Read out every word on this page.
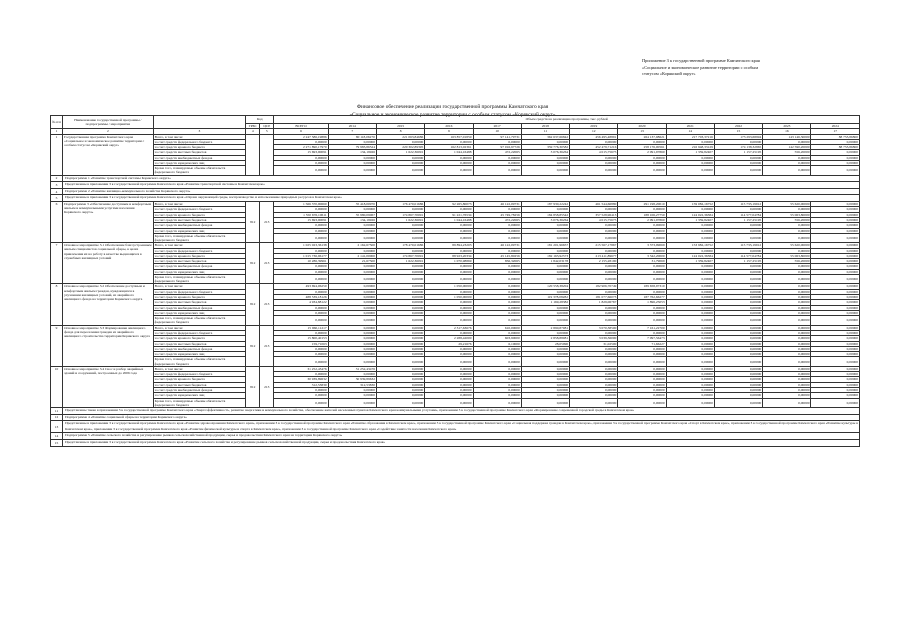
Приложение 3 к государственной программе Камчатского края
«Социальное и экономическое развитие территории с особым
статусом «Корякский округ»
Финансовое обеспечение реализации государственной программы Камчатского края
«Социальное и экономическое развитие территории с особым статусом «Корякский округ»
№ п/п	Наименование государственной программы / подпрограммы / мероприятия		Код		Объем средств на реализацию программы, тыс. рублей											
			ГРБС	ЦСР	ВСЕГО	2014	2015	2016	2017	2018	2019	2020	2021	2022	2023	2024
1	2	3	4	5	6	7	8	9	10	11	12	13	14	15	16	17
1	Государственная программа Камчатского края «Социальное и экономическое развитие территории с особым статусом «Корякский округ»	Всего, в том числе:			2 247 586,19886	80 118,06270	221 063,84686	163 857,01859	97 141,79731	362 637,66842	456 495,48891	264 137,98621	217 703,37216	173 293,68994	143 146,30000	88 753,86800
		за счет средств федерального бюджета			0,00000	0,00000	0,00000	0,00000	0,00000	0,00000	0,00000	0,00000	0,00000	0,00000	0,00000	0,00000
		за счет средств краевого бюджета			2 271 890,17970	79 983,86524	220 302,89395	162 813,02361	97 016,97726	359 776,30582	452 479,71216	258 176,00561	216 948,33129	174 138,32865	142 590,20000	88 753,86800
		за счет средств местных бюджетов			15 693,90091	134,19926	1 622,36091	1 044,16488	472,22065	3 076,36264	4 015,75675	2 091,97860	1 359,82407	1 157,25195	556,20000	0,00000
		за счет средств внебюджетных фондов			0,00000	0,00000	0,00000	0,00000	0,00000	0,00000	0,00000	0,00000	0,00000	0,00000	0,00000	0,00000
		за счет средств юридических лиц			0,00000	0,00000	0,00000	0,00000	0,00000	0,00000	0,00000	0,00000	0,00000	0,00000	0,00000	0,00000
		Кроме того, планируемые объемы обязательств федерального бюджета			0,00000	0,00000	0,00000	0,00000	0,00000	0,00000	0,00000	0,00000	0,00000	0,00000	0,00000	0,00000
2	Подпрограмма 1 «Развитие транспортной системы Корякского округа»															
3	Представлены в приложении 3 к государственной программе Камчатского края «Развитие транспортной системы в Камчатском крае»															
4	Подпрограмма 2 «Развитие жилищно-коммунального хозяйства Корякского округа»															
5	Представлены в приложении 3 к государственной программе Камчатского края «Охрана окружающей среды, воспроизводство и использование природных ресурсов в Камчатском крае»															
6	Подпрограмма 3 «Обеспечение доступным и комфортным жильем и коммунальными услугами населения Корякского округа»	Всего, в том числе:	812	213	1 566 370,90660	35 418,00970	176 470,01686	92 265,80073	46 122,09731	187 930,22242	461 544,66880	291 198,20010	159 082,16752	115 733,19912	55 620,00000	0,00000
		за счет средств федерального бюджета			0,00000	0,00000	0,00000	0,00000	0,00000	0,00000	0,00000	0,00000	0,00000	0,00000	0,00000	0,00000
		за счет средств краевого бюджета			1 550 676,10611	35 980,09067	174 867,70091	91 221,76534	45 749,78256	184 858,85542	357 528,96413	188 106,27750	124 022,36384	114 577,04784	55 063,80000	0,00000
		за счет средств местных бюджетов			15 693,90091	134,19926	1 622,36091	1 044,16488	472,22065	3 076,36264	4 015,75675	2 091,97860	1 359,82407	1 157,25195	556,20000	0,00000
		за счет средств внебюджетных фондов			0,00000	0,00000	0,00000	0,00000	0,00000	0,00000	0,00000	0,00000	0,00000	0,00000	0,00000	0,00000
		за счет средств юридических лиц			0,00000	0,00000	0,00000	0,00000	0,00000	0,00000	0,00000	0,00000	0,00000	0,00000	0,00000	0,00000
		Кроме того, планируемые объемы обязательств федерального бюджета			0,00000	0,00000	0,00000	0,00000	0,00000	0,00000	0,00000	0,00000	0,00000	0,00000	0,00000	0,00000
7	Основное мероприятие 3.1 Обеспечение благоустроенным жильем специалистов социальной сферы, в целях привлечения их на работу в качестве выдающихся в служебных жилищных условий	Всего, в том числе:	812	213	1 025 023,36138	2 162,67500	178 470,01686	89 894,23203	46 122,09731	181 201,96657	215 567,17867	3 373,99069	153 982,16752	115 733,19912	55 620,00000	0,00000
		за счет средств федерального бюджета			0,00000	0,00000	0,00000	0,00000	0,00000	0,00000	0,00000	0,00000	0,00000	0,00000	0,00000	0,00000
		за счет средств краевого бюджета			1 015 736,96177	2 141,00000	174 867,70091	88 923,20334	45 145,80256	182 163,92573	213 411,89677	3 342,20000	124 022,36384	114 577,04784	55 063,80000	0,00000
		за счет средств местных бюджетов			10 286,39961	21,67500	1 622,36091	1 070,98869	856,32065	1 842,03178	2 155,28190	31,79069	1 359,82407	1 157,25195	556,20000	0,00000
		за счет средств внебюджетных фондов			0,00000	0,00000	0,00000	0,00000	0,00000	0,00000	0,00000	0,00000	0,00000	0,00000	0,00000	0,00000
		за счет средств юридических лиц			0,00000	0,00000	0,00000	0,00000	0,00000	0,00000	0,00000	0,00000	0,00000	0,00000	0,00000	0,00000
		Кроме того, планируемые объемы обязательств федерального бюджета			0,00000	0,00000	0,00000	0,00000	0,00000	0,00000	0,00000	0,00000	0,00000	0,00000	0,00000	0,00000
8	Основное мероприятие 3.2 Обеспечение доступным и комфортным жильем граждан, нуждающихся в улучшении жилищных условий, из аварийного жилищного фонда на территории Корякского округа	Всего, в том числе:	812	213	493 694,06250	0,00000	0,00000	1 050,00000	0,00000	120 558,38204	182 906,70749	189 658,97310	0,00000	0,00000	0,00000	0,00000
		за счет средств федерального бюджета			0,00000	0,00000	0,00000	0,00000	0,00000	0,00000	0,00000	0,00000	0,00000	0,00000	0,00000	0,00000
		за счет средств краевого бюджета			488 539,18126	0,00000	0,00000	1 050,00000	0,00000	119 378,08282	181 077,66073	187 762,66277	0,00000	0,00000	0,00000	0,00000
		за счет средств местных бюджетов			4 934,88122	0,00000	0,00000	0,00000	0,00000	1 169,28382	1 829,06767	1 896,25053	0,00000	0,00000	0,00000	0,00000
		за счет средств внебюджетных фондов			0,00000	0,00000	0,00000	0,00000	0,00000	0,00000	0,00000	0,00000	0,00000	0,00000	0,00000	0,00000
		за счет средств юридических лиц			0,00000	0,00000	0,00000	0,00000	0,00000	0,00000	0,00000	0,00000	0,00000	0,00000	0,00000	0,00000
		Кроме того, планируемые объемы обязательств федерального бюджета			0,00000	0,00000	0,00000	0,00000	0,00000	0,00000	0,00000	0,00000	0,00000	0,00000	0,00000	0,00000
9	Основное мероприятие 3.3 Формирование жилищного фонда для переселения граждан из аварийного жилищного строительства территории Корякского округа	Всего, в том числе:	812	213	15 960,11217	0,00000	0,00000	2 317,63676	610,00000	2 890,87081	3 070,38500	7 161,22700	0,00000	0,00000	0,00000	0,00000
		за счет средств федерального бюджета			0,00000	0,00000	0,00000	0,00000	0,00000	0,00000	0,00000	0,00000	0,00000	0,00000	0,00000	0,00000
		за счет средств краевого бюджета			15 800,40153	0,00000	0,00000	2 288,42000	603,90000	2 858,88081	3 039,36000	7 097,56473	0,00000	0,00000	0,00000	0,00000
		за счет средств местных бюджетов			159,71063	0,00000	0,00000	29,21676	6,10000	28,05990	31,02500	71,66227	0,00000	0,00000	0,00000	0,00000
		за счет средств внебюджетных фондов			0,00000	0,00000	0,00000	0,00000	0,00000	0,00000	0,00000	0,00000	0,00000	0,00000	0,00000	0,00000
		за счет средств юридических лиц			0,00000	0,00000	0,00000	0,00000	0,00000	0,00000	0,00000	0,00000	0,00000	0,00000	0,00000	0,00000
		Кроме того, планируемые объемы обязательств федерального бюджета			0,00000	0,00000	0,00000	0,00000	0,00000	0,00000	0,00000	0,00000	0,00000	0,00000	0,00000	0,00000
10	Основное мероприятие 3.4 Снос и разбор аварийных зданий и сооружений, построенных до 2006 года	Всего, в том числе:	812	213	31 252,43476	31 252,43476	0,00000	0,00000	0,00000	0,00000	0,00000	0,00000	0,00000	0,00000	0,00000	0,00000
		за счет средств федерального бюджета			0,00000	0,00000	0,00000	0,00000	0,00000	0,00000	0,00000	0,00000	0,00000	0,00000	0,00000	0,00000
		за счет средств краевого бюджета			30 939,89632	30 939,89632	0,00000	0,00000	0,00000	0,00000	0,00000	0,00000	0,00000	0,00000	0,00000	0,00000
		за счет средств местных бюджетов			312,53830	312,53830	0,00000	0,00000	0,00000	0,00000	0,00000	0,00000	0,00000	0,00000	0,00000	0,00000
		за счет средств внебюджетных фондов			0,00000	0,00000	0,00000	0,00000	0,00000	0,00000	0,00000	0,00000	0,00000	0,00000	0,00000	0,00000
		за счет средств юридических лиц			0,00000	0,00000	0,00000	0,00000	0,00000	0,00000	0,00000	0,00000	0,00000	0,00000	0,00000	0,00000
		Кроме того, планируемые объемы обязательств федерального бюджета			0,00000	0,00000	0,00000	0,00000	0,00000	0,00000	0,00000	0,00000	0,00000	0,00000	0,00000	0,00000
11	Представлены также в приложении 3 к государственной программе Камчатского края «Энергоэффективность, развитие энергетики и коммунального хозяйства, обеспечение жителей населенных пунктов Камчатского края коммунальными услугами», приложении 3 к государственной программе Камчатского края «Формирование современной городской среды в Камчатском крае»															
12	Подпрограмма 4 «Развитие социальной сферы на территории Корякского округа»															
13	Представлены в приложении 3 к государственной программе Камчатского края «Развитие здравоохранения Камчатского края», приложении 3 к государственной программе Камчатского края «Развитие образования в Камчатском крае», приложении 3 к государственной программе Камчатского края «Социальная поддержка граждан в Камчатском крае», приложении 3 к государственной программе Камчатского края «Спорт в Камчатском крае», приложении 3 к государственной программе Камчатского края «Развитие культуры в Камчатском крае», приложении 3 к государственной программе Камчатского края «Развитие физической культуры и спорта в Камчатском крае», приложении 3 к государственной программе Камчатского края «Содействие занятости населения Камчатского края»															
14	Подпрограмма 5 «Развитие сельского хозяйства и регулирование рынков сельскохозяйственной продукции, сырья и продовольствия Камчатского края на территории Корякского округа»															
15	Представлены в приложении 3 к государственной программе Камчатского края «Развитие сельского хозяйства и регулирование рынков сельскохозяйственной продукции, сырья и продовольствия Камчатского края»															
